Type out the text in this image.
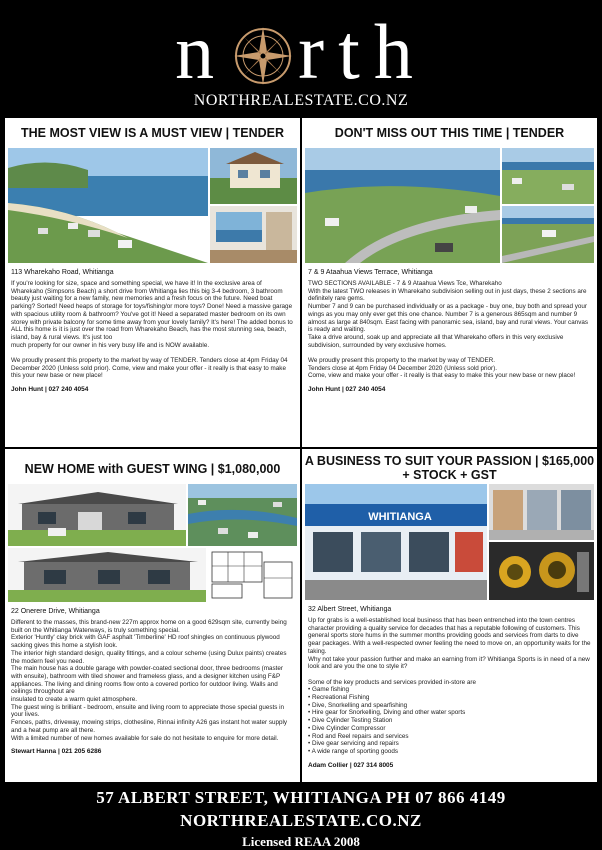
n rth
NORTHREALESTATE.CO.NZ
THE MOST VIEW IS A MUST VIEW | TENDER
113 Wharekaho Road, Whitianga
If you're looking for size, space and something special, we have it! In the exclusive area of Wharekaho (Simpsons Beach) a short drive from Whitianga lies this big 3-4 bedroom, 3 bathroom beauty just waiting for a new family, new memories and a fresh focus on the future. Need boat parking? Sorted! Need heaps of storage for toys/fishing/or more toys? Done! Need a massive garage with spacious utility room & bathroom? You've got it! Need a separated master bedroom on its own storey with private balcony for some time away from your lovely family? It's here! The added bonus to ALL this home is it is just over the road from Wharekaho Beach, has the most stunning sea, beach, island, bay & rural views. It's just too
much property for our owner in his very busy life and is NOW available.

We proudly present this property to the market by way of TENDER. Tenders close at 4pm Friday 04
December 2020 (Unless sold prior). Come, view and make your offer - it really is that easy to make this your new base or new place!
John Hunt | 027 240 4054
DON'T MISS OUT THIS TIME | TENDER
7 & 9 Ataahua Views Terrace, Whitianga
TWO SECTIONS AVAILABLE - 7 & 9 Ataahua Views Tce, Wharekaho
With the latest TWO releases in Wharekaho subdivision selling out in just days, these 2 sections are definitely rare gems.
Number 7 and 9 can be purchased individually or as a package - buy one, buy both and spread your wings as you may only ever get this one chance. Number 7 is a generous 865sqm and number 9 almost as large at 840sqm. East facing with panoramic sea, island, bay and rural views. Your canvas is ready and waiting.
Take a drive around, soak up and appreciate all that Wharekaho offers in this very exclusive subdivision, surrounded by very exclusive homes.

We proudly present this property to the market by way of TENDER.
Tenders close at 4pm Friday 04 December 2020 (Unless sold prior).
Come, view and make your offer - it really is that easy to make this your new base or new place!
John Hunt | 027 240 4054
NEW HOME with GUEST WING | $1,080,000
22 Onerere Drive, Whitianga
Different to the masses, this brand-new 227m approx home on a good 629sqm site, currently being built on the Whitianga Waterways, is truly something special.
Exterior 'Huntly' clay brick with GAF asphalt 'Timberline' HD roof shingles on continuous plywood sacking gives this home a stylish look.
The interior high standard design, quality fittings, and a colour scheme (using Dulux paints) creates the modern feel you need.
The main house has a double garage with powder-coated sectional door, three bedrooms (master with ensuite), bathroom with tiled shower and frameless glass, and a designer kitchen using F&P appliances. The living and dining rooms flow onto a covered portico for outdoor living. Walls and ceilings throughout are
insulated to create a warm quiet atmosphere.
The guest wing is brilliant - bedroom, ensuite and living room to appreciate those special guests in your lives.
Fences, paths, driveway, mowing strips, clothesline, Rinnai infinity A26 gas instant hot water supply and a heat pump are all there.
With a limited number of new homes available for sale do not hesitate to enquire for more detail.
Stewart Hanna | 021 205 6286
A BUSINESS TO SUIT YOUR PASSION | $165,000 + STOCK + GST
WHITIANGA
32 Albert Street, Whitianga
Up for grabs is a well-established local business that has been entrenched into the town centres character providing a quality service for decades that has a reputable following of customers. This general sports store hums in the summer months providing goods and services from darts to dive gear packages. With a well-respected owner feeling the need to move on, an opportunity waits for the taking.
Why not take your passion further and make an earning from it? Whitianga Sports is in need of a new look and are you the one to style it?

Some of the key products and services provided in-store are
• Game fishing
• Recreational Fishing
• Dive, Snorkelling and spearfishing
• Hire gear for Snorkelling, Diving and other water sports
• Dive Cylinder Testing Station
• Dive Cylinder Compressor
• Rod and Reel repairs and services
• Dive gear servicing and repairs
• A wide range of sporting goods
Adam Collier | 027 314 8005
57 ALBERT STREET, WHITIANGA PH 07 866 4149
NORTHREALESTATE.CO.NZ
Licensed REAA 2008
